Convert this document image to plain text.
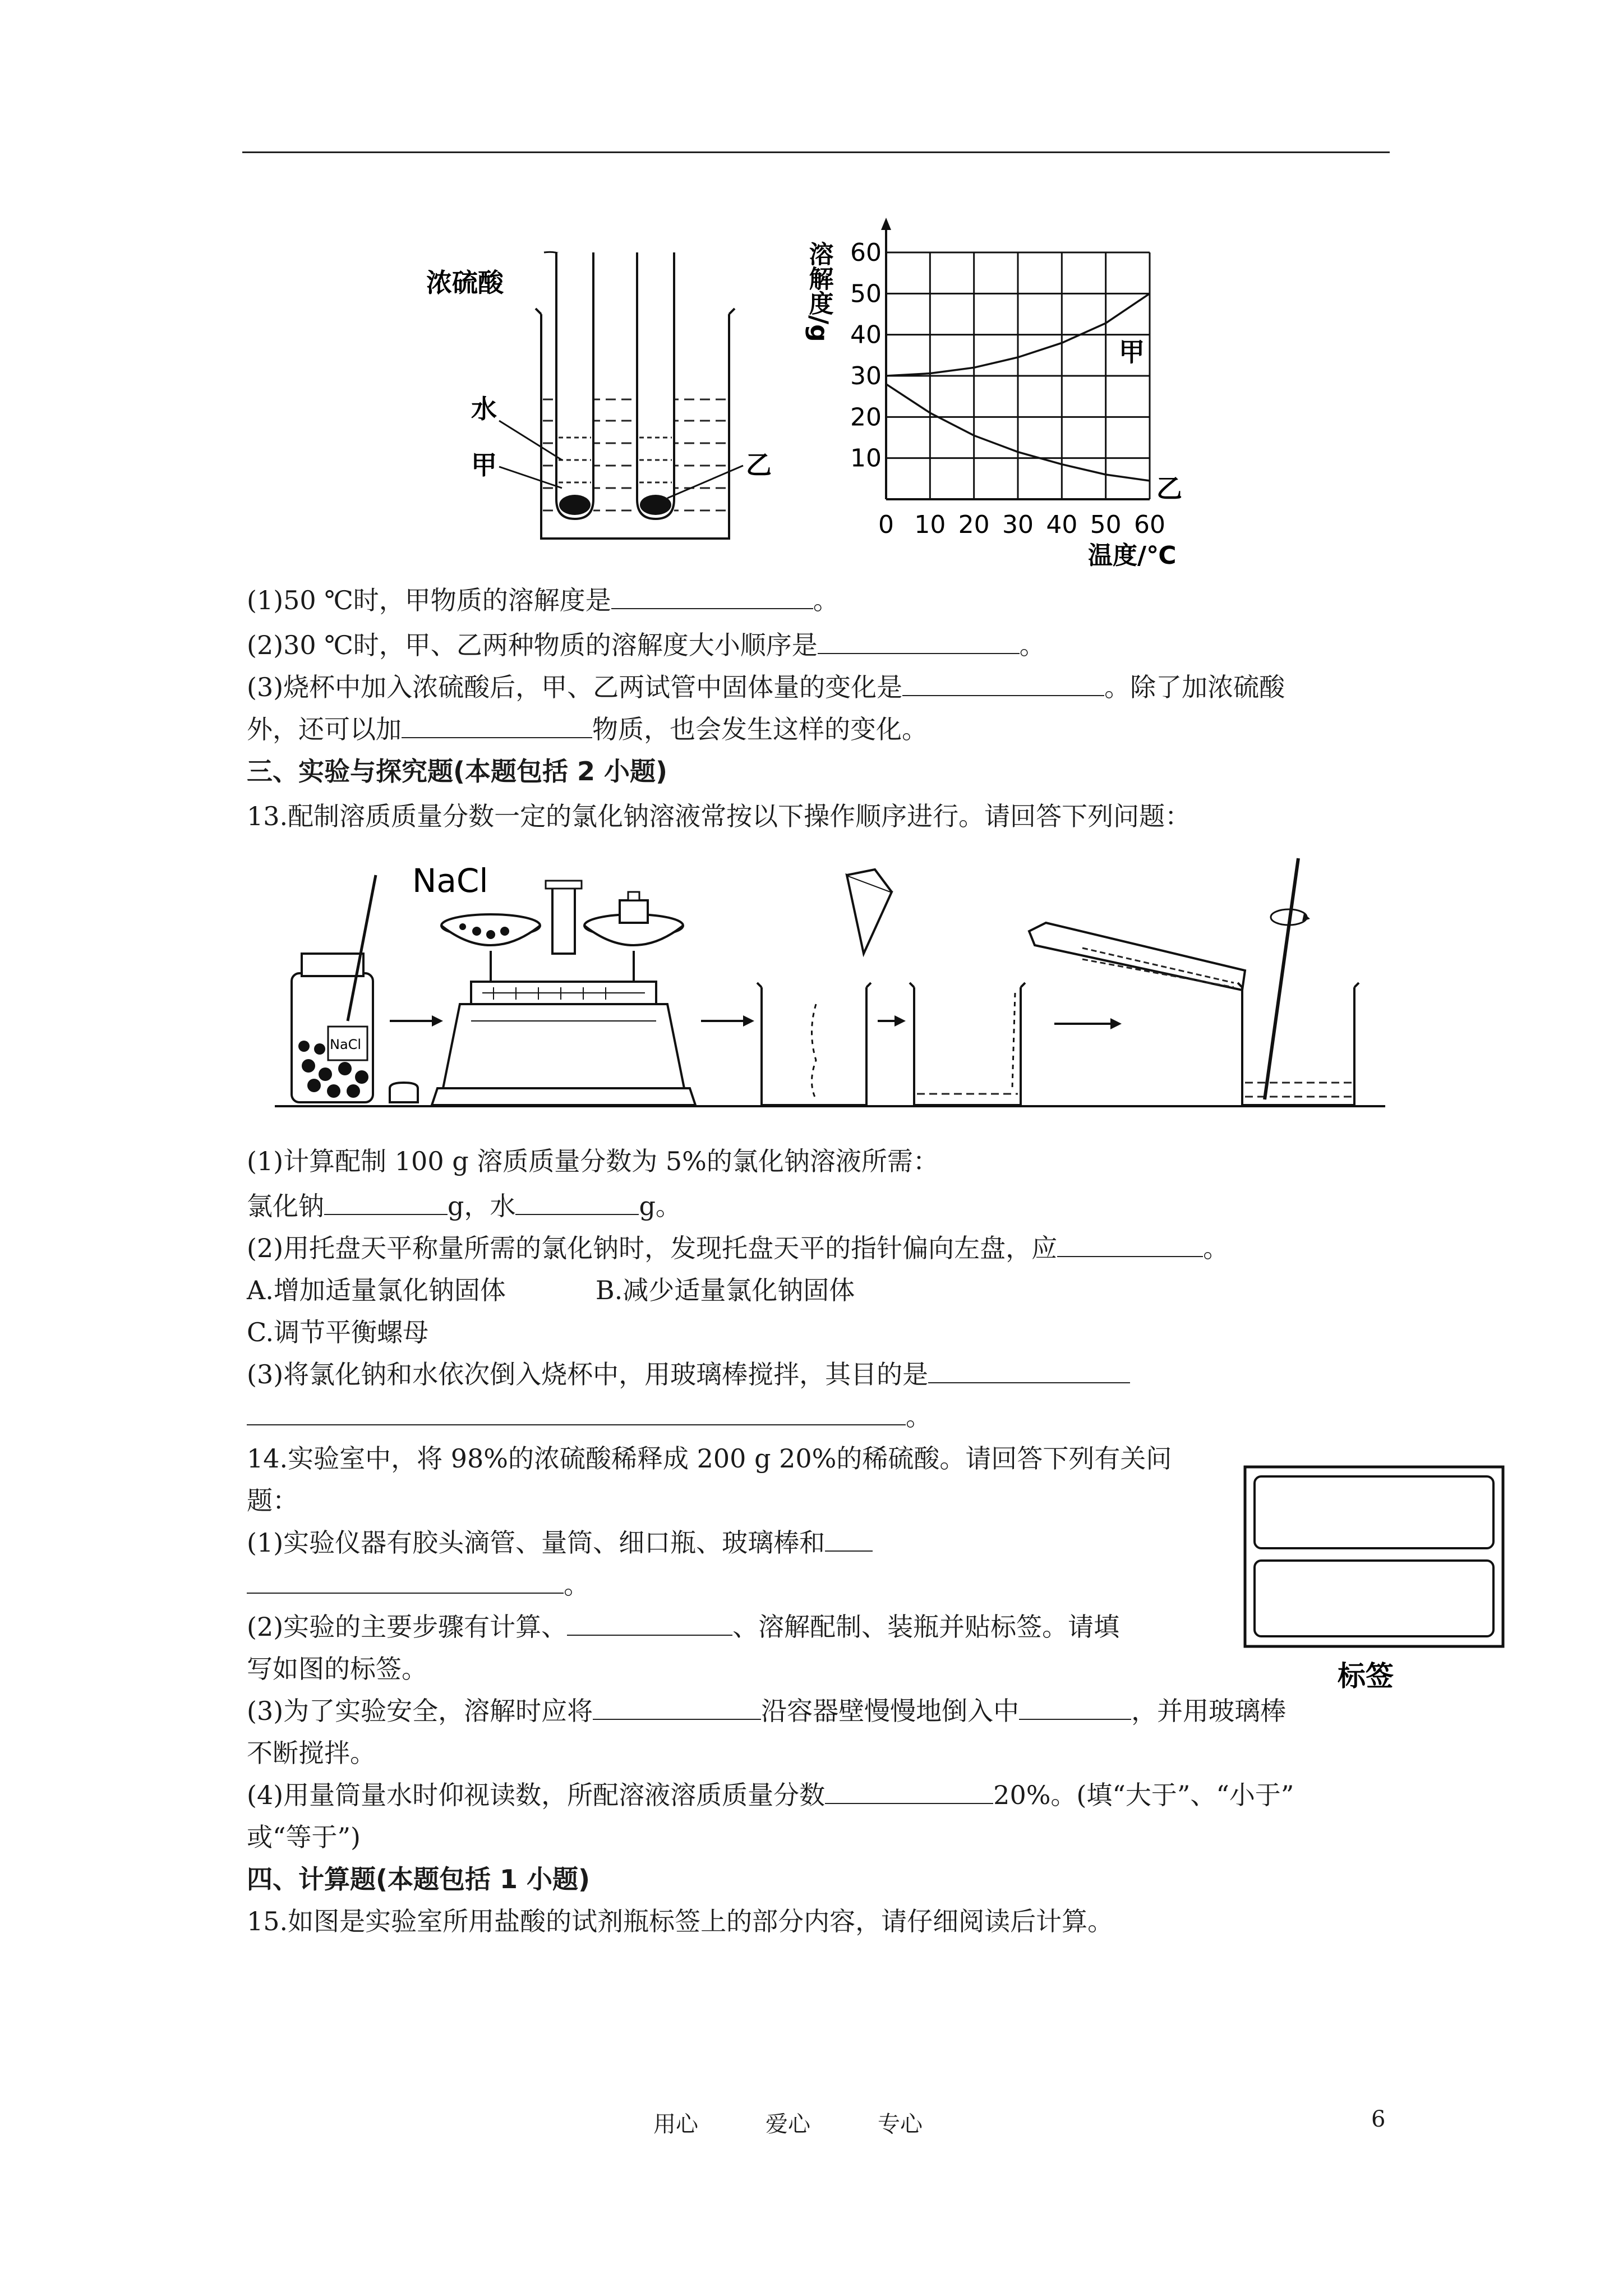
浓硫酸
水
甲	乙
溶解度/g
甲
乙
0 10 20 30 40 50 60
10
20
30
40
50
60
温度/℃
(1)50 ℃时，甲物质的溶解度是	。
(2)30 ℃时，甲、乙两种物质的溶解度大小顺序是	。
(3)烧杯中加入浓硫酸后，甲、乙两试管中固体量的变化是	。除了加浓硫酸
外，还可以加	物质，也会发生这样的变化。
三、实验与探究题(本题包括 2 小题)
13.配制溶质质量分数一定的氯化钠溶液常按以下操作顺序进行。请回答下列问题：
NaCl
NaCl
(1)计算配制 100 g 溶质质量分数为 5%的氯化钠溶液所需：
氯化钠	g，水	g。
(2)用托盘天平称量所需的氯化钠时，发现托盘天平的指针偏向左盘，应	。
A.增加适量氯化钠固体	B.减少适量氯化钠固体
C.调节平衡螺母
(3)将氯化钠和水依次倒入烧杯中，用玻璃棒搅拌，其目的是
。
14.实验室中，将 98%的浓硫酸稀释成 200 g 20%的稀硫酸。请回答下列有关问
题：
(1)实验仪器有胶头滴管、量筒、细口瓶、玻璃棒和
。
(2)实验的主要步骤有计算、	、溶解配制、装瓶并贴标签。请填
写如图的标签。	标签
(3)为了实验安全，溶解时应将	沿容器壁慢慢地倒入中	，并用玻璃棒
不断搅拌。
(4)用量筒量水时仰视读数，所配溶液溶质质量分数	20%。(填“大于”、“小于”
或“等于”)
四、计算题(本题包括 1 小题)
15.如图是实验室所用盐酸的试剂瓶标签上的部分内容，请仔细阅读后计算。
用心	爱心	专心	6
